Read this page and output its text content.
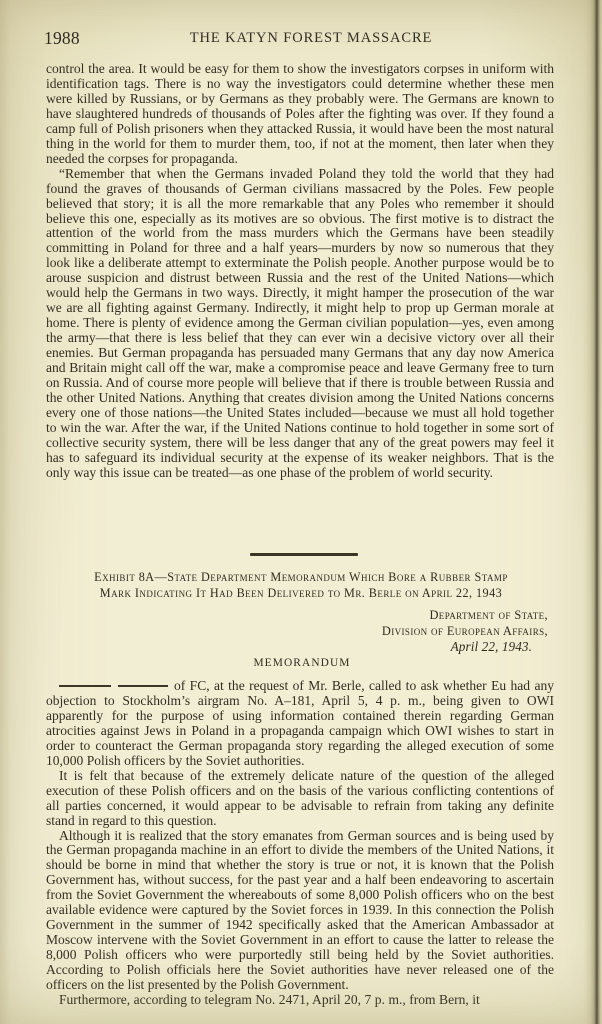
1988	THE KATYN FOREST MASSACRE

control the area. It would be easy for them to show the investigators corpses in uniform with identification tags. There is no way the investigators could determine whether these men were killed by Russians, or by Germans as they probably were. The Germans are known to have slaughtered hundreds of thousands of Poles after the fighting was over. If they found a camp full of Polish prisoners when they attacked Russia, it would have been the most natural thing in the world for them to murder them, too, if not at the moment, then later when they needed the corpses for propaganda.

“Remember that when the Germans invaded Poland they told the world that they had found the graves of thousands of German civilians massacred by the Poles. Few people believed that story; it is all the more remarkable that any Poles who remember it should believe this one, especially as its motives are so obvious. The first motive is to distract the attention of the world from the mass murders which the Germans have been steadily committing in Poland for three and a half years—murders by now so numerous that they look like a deliberate attempt to exterminate the Polish people. Another purpose would be to arouse suspicion and distrust between Russia and the rest of the United Nations—which would help the Germans in two ways. Directly, it might hamper the prosecution of the war we are all fighting against Germany. Indirectly, it might help to prop up German morale at home. There is plenty of evidence among the German civilian population—yes, even among the army—that there is less belief that they can ever win a decisive victory over all their enemies. But German propaganda has persuaded many Germans that any day now America and Britain might call off the war, make a compromise peace and leave Germany free to turn on Russia. And of course more people will believe that if there is trouble between Russia and the other United Nations. Anything that creates division among the United Nations concerns every one of those nations—the United States included—because we must all hold together to win the war. After the war, if the United Nations continue to hold together in some sort of collective security system, there will be less danger that any of the great powers may feel it has to safeguard its individual security at the expense of its weaker neighbors. That is the only way this issue can be treated—as one phase of the problem of world security.

Exhibit 8A—State Department Memorandum Which Bore a Rubber Stamp
Mark Indicating It Had Been Delivered to Mr. Berle on April 22, 1943
Department of State,
Division of European Affairs,
April 22, 1943.
MEMORANDUM

of FC, at the request of Mr. Berle, called to ask whether Eu had any objection to Stockholm’s airgram No. A–181, April 5, 4 p. m., being given to OWI apparently for the purpose of using information contained therein regarding German atrocities against Jews in Poland in a propaganda campaign which OWI wishes to start in order to counteract the German propaganda story regarding the alleged execution of some 10,000 Polish officers by the Soviet authorities.

It is felt that because of the extremely delicate nature of the question of the alleged execution of these Polish officers and on the basis of the various conflicting contentions of all parties concerned, it would appear to be advisable to refrain from taking any definite stand in regard to this question.

Although it is realized that the story emanates from German sources and is being used by the German propaganda machine in an effort to divide the members of the United Nations, it should be borne in mind that whether the story is true or not, it is known that the Polish Government has, without success, for the past year and a half been endeavoring to ascertain from the Soviet Government the whereabouts of some 8,000 Polish officers who on the best available evidence were captured by the Soviet forces in 1939. In this connection the Polish Government in the summer of 1942 specifically asked that the American Ambassador at Moscow intervene with the Soviet Government in an effort to cause the latter to release the 8,000 Polish officers who were purportedly still being held by the Soviet authorities. According to Polish officials here the Soviet authorities have never released one of the officers on the list presented by the Polish Government.

Furthermore, according to telegram No. 2471, April 20, 7 p. m., from Bern, it
